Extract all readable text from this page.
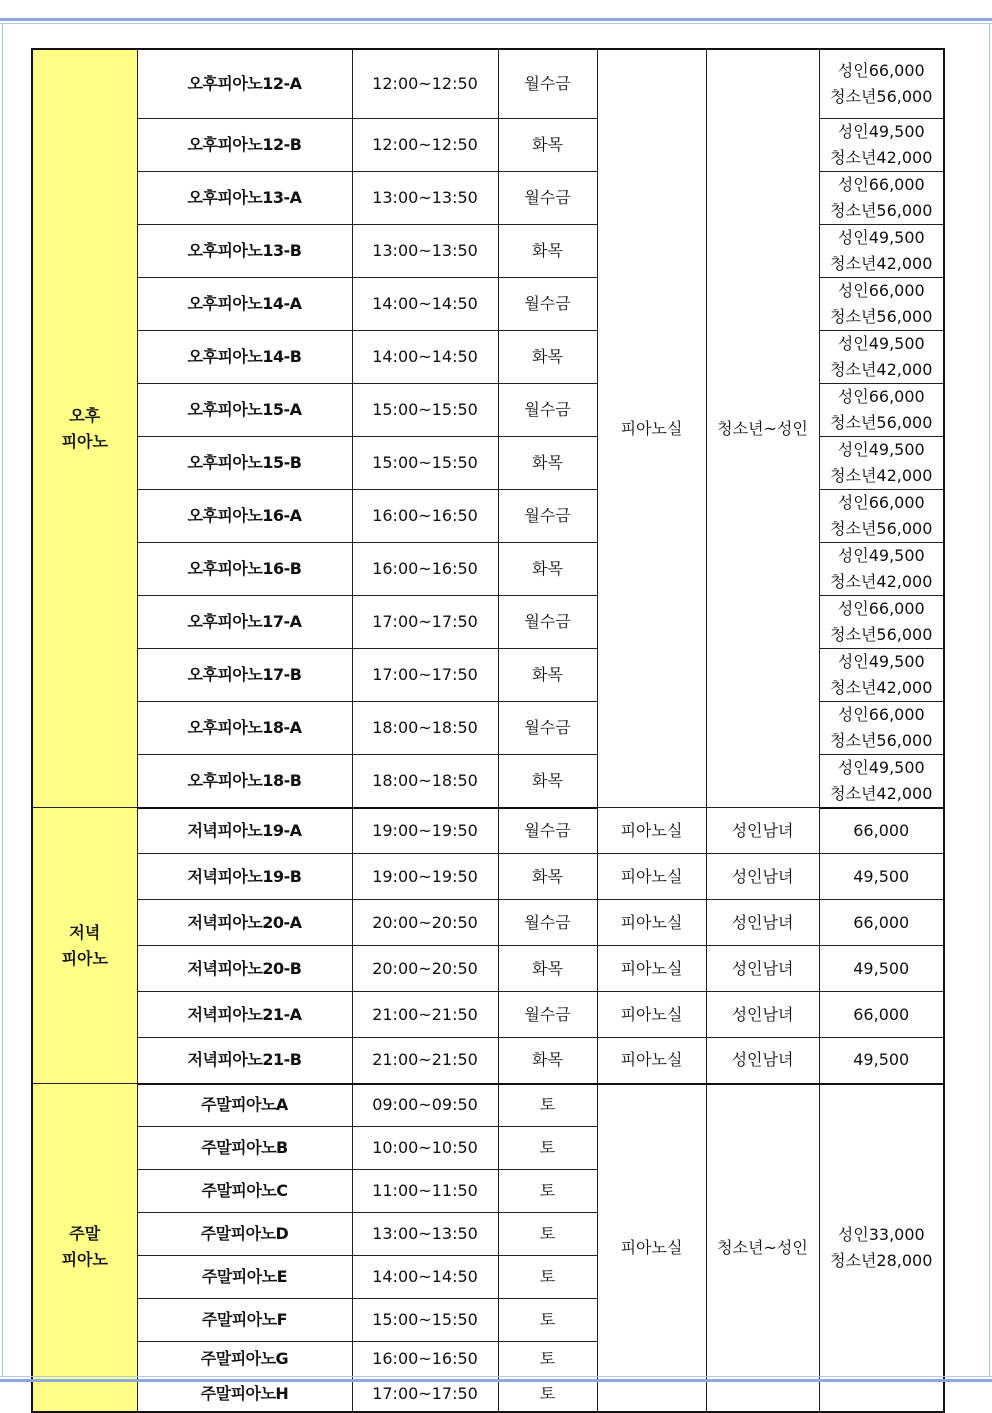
오후
피아노	오후피아노12-A	12:00~12:50	월수금	피아노실	청소년~성인	성인66,000
청소년56,000

	오후피아노12-B	12:00~12:50	화목			성인49,500
청소년42,000

	오후피아노13-A	13:00~13:50	월수금			성인66,000
청소년56,000

	오후피아노13-B	13:00~13:50	화목			성인49,500
청소년42,000

	오후피아노14-A	14:00~14:50	월수금			성인66,000
청소년56,000

	오후피아노14-B	14:00~14:50	화목			성인49,500
청소년42,000

	오후피아노15-A	15:00~15:50	월수금			성인66,000
청소년56,000

	오후피아노15-B	15:00~15:50	화목			성인49,500
청소년42,000

	오후피아노16-A	16:00~16:50	월수금			성인66,000
청소년56,000

	오후피아노16-B	16:00~16:50	화목			성인49,500
청소년42,000

	오후피아노17-A	17:00~17:50	월수금			성인66,000
청소년56,000

	오후피아노17-B	17:00~17:50	화목			성인49,500
청소년42,000

	오후피아노18-A	18:00~18:50	월수금			성인66,000
청소년56,000

	오후피아노18-B	18:00~18:50	화목			성인49,500
청소년42,000

저녁
피아노	저녁피아노19-A	19:00~19:50	월수금	피아노실	성인남녀	66,000

	저녁피아노19-B	19:00~19:50	화목	피아노실	성인남녀	49,500

	저녁피아노20-A	20:00~20:50	월수금	피아노실	성인남녀	66,000

	저녁피아노20-B	20:00~20:50	화목	피아노실	성인남녀	49,500

	저녁피아노21-A	21:00~21:50	월수금	피아노실	성인남녀	66,000

	저녁피아노21-B	21:00~21:50	화목	피아노실	성인남녀	49,500

주말
피아노	주말피아노A	09:00~09:50	토	피아노실	청소년~성인	성인33,000
청소년28,000

	주말피아노B	10:00~10:50	토			
	주말피아노C	11:00~11:50	토			
	주말피아노D	13:00~13:50	토			
	주말피아노E	14:00~14:50	토			
	주말피아노F	15:00~15:50	토			
	주말피아노G	16:00~16:50	토			
	주말피아노H	17:00~17:50	토			
